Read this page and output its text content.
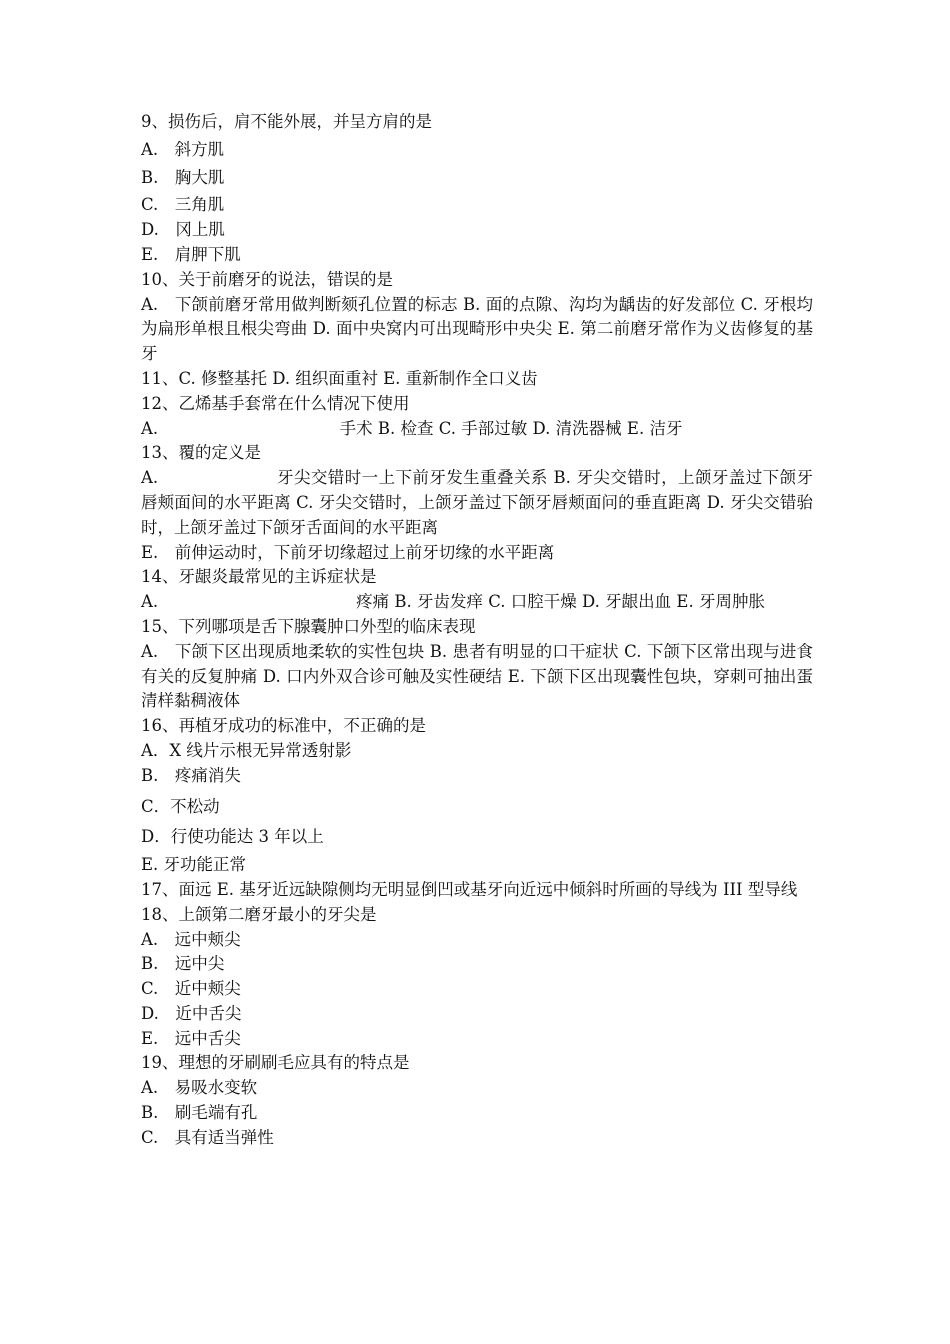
9、损伤后，肩不能外展，并呈方肩的是
A.　斜方肌
B.　胸大肌
C.　三角肌
D.　冈上肌
E.　肩胛下肌
10、关于前磨牙的说法，错误的是
A.　下颌前磨牙常用做判断颏孔位置的标志 B. 面的点隙、沟均为龋齿的好发部位 C. 牙根均为扁形单根且根尖弯曲 D. 面中央窝内可出现畸形中央尖 E. 第二前磨牙常作为义齿修复的基牙
11、C. 修整基托 D. 组织面重衬 E. 重新制作全口义齿
12、乙烯基手套常在什么情况下使用
A.　　　　　　　　　　　手术 B. 检查 C. 手部过敏 D. 清洗器械 E. 洁牙
13、覆的定义是
A.　　　　　　　牙尖交错时一上下前牙发生重叠关系 B. 牙尖交错时，上颌牙盖过下颌牙唇颊面间的水平距离 C. 牙尖交错时，上颌牙盖过下颌牙唇颊面问的垂直距离 D. 牙尖交错骀时，上颌牙盖过下颌牙舌面间的水平距离
E.　前伸运动时，下前牙切缘超过上前牙切缘的水平距离
14、牙龈炎最常见的主诉症状是
A.　　　　　　　　　　　　疼痛 B. 牙齿发痒 C. 口腔干燥 D. 牙龈出血 E. 牙周肿胀
15、下列哪项是舌下腺囊肿口外型的临床表现
A.　下颌下区出现质地柔软的实性包块 B. 患者有明显的口干症状 C. 下颌下区常出现与进食有关的反复肿痛 D. 口内外双合诊可触及实性硬结 E. 下颌下区出现囊性包块，穿刺可抽出蛋清样黏稠液体
16、再植牙成功的标准中，不正确的是
A．X 线片示根无异常透射影
B.　疼痛消失
C．不松动
D．行使功能达 3 年以上
E. 牙功能正常
17、面远 E. 基牙近远缺隙侧均无明显倒凹或基牙向近远中倾斜时所画的导线为 III 型导线
18、上颌第二磨牙最小的牙尖是
A.　远中颊尖
B.　远中尖
C.　近中颊尖
D.　近中舌尖
E.　远中舌尖
19、理想的牙刷刷毛应具有的特点是
A.　易吸水变软
B.　刷毛端有孔
C.　具有适当弹性
